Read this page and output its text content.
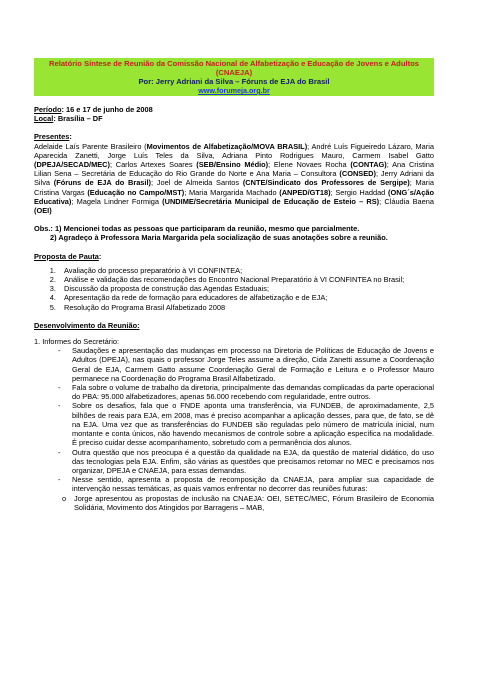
Relatório Síntese de Reunião da Comissão Nacional de Alfabetização e Educação de Jovens e Adultos (CNAEJA)
Por: Jerry Adriani da Silva – Fóruns de EJA do Brasil
www.forumeja.org.br
Período: 16 e 17 de junho de 2008
Local: Brasília – DF
Presentes:
Adelaide Laís Parente Brasileiro (Movimentos de Alfabetização/MOVA BRASIL); André Luís Figueiredo Lázaro, Maria Aparecida Zanetti, Jorge Luís Teles da Silva, Adriana Pinto Rodrigues Mauro, Carmem Isabel Gatto (DPEJA/SECAD/MEC); Carlos Artexes Soares (SEB/Ensino Médio); Elene Novaes Rocha (CONTAG); Ana Cristina Lilian Sena – Secretária de Educação do Rio Grande do Norte e Ana Maria – Consultora (CONSED); Jerry Adriani da Silva (Fóruns de EJA do Brasil); Joel de Almeida Santos (CNTE/Sindicato dos Professores de Sergipe); Maria Cristina Vargas (Educação no Campo/MST); Maria Margarida Machado (ANPED/GT18); Sergio Haddad (ONG´s/Ação Educativa); Magela Lindner Formiga (UNDIME/Secretária Municipal de Educação de Esteio – RS); Cláudia Baena (OEI)
Obs.: 1) Mencionei todas as pessoas que participaram da reunião, mesmo que parcialmente.
2) Agradeço à Professora Maria Margarida pela socialização de suas anotações sobre a reunião.
Proposta de Pauta:
1. Avaliação do processo preparatório à VI CONFINTEA;
2. Análise e validação das recomendações do Encontro Nacional Preparatório à VI CONFINTEA no Brasil;
3. Discussão da proposta de construção das Agendas Estaduais;
4. Apresentação da rede de formação para educadores de alfabetização e de EJA;
5. Resolução do Programa Brasil Alfabetizado 2008
Desenvolvimento da Reunião:
1. Informes do Secretário:
- Saudações e apresentação das mudanças em processo na Diretoria de Políticas de Educação de Jovens e Adultos (DPEJA), nas quais o professor Jorge Teles assume a direção, Cida Zanetti assume a Coordenação Geral de EJA, Carmem Gatto assume Coordenação Geral de Formação e Leitura e o Professor Mauro permanece na Coordenação do Programa Brasil Alfabetizado.
- Fala sobre o volume de trabalho da diretoria, principalmente das demandas complicadas da parte operacional do PBA: 95.000 alfabetizadores, apenas 56.000 recebendo com regularidade, entre outros.
- Sobre os desafios, fala que o FNDE aponta uma transferência, via FUNDEB, de aproximadamente, 2,5 bilhões de reais para EJA, em 2008, mas é preciso acompanhar a aplicação desses, para que, de fato, se dê na EJA. Uma vez que as transferências do FUNDEB são reguladas pelo número de matrícula inicial, num montante e conta únicos, não havendo mecanismos de controle sobre a aplicação específica na modalidade. É preciso cuidar desse acompanhamento, sobretudo com a permanência dos alunos.
- Outra questão que nos preocupa é a questão da qualidade na EJA, da questão de material didático, do uso das tecnologias pela EJA. Enfim, são várias as questões que precisamos retomar no MEC e precisamos nos organizar, DPEJA e CNAEJA, para essas demandas.
- Nesse sentido, apresenta a proposta de recomposição da CNAEJA, para ampliar sua capacidade de intervenção nessas temáticas, as quais vamos enfrentar no decorrer das reuniões futuras:
o Jorge apresentou as propostas de inclusão na CNAEJA: OEI, SETEC/MEC, Fórum Brasileiro de Economia Solidária, Movimento dos Atingidos por Barragens – MAB,
